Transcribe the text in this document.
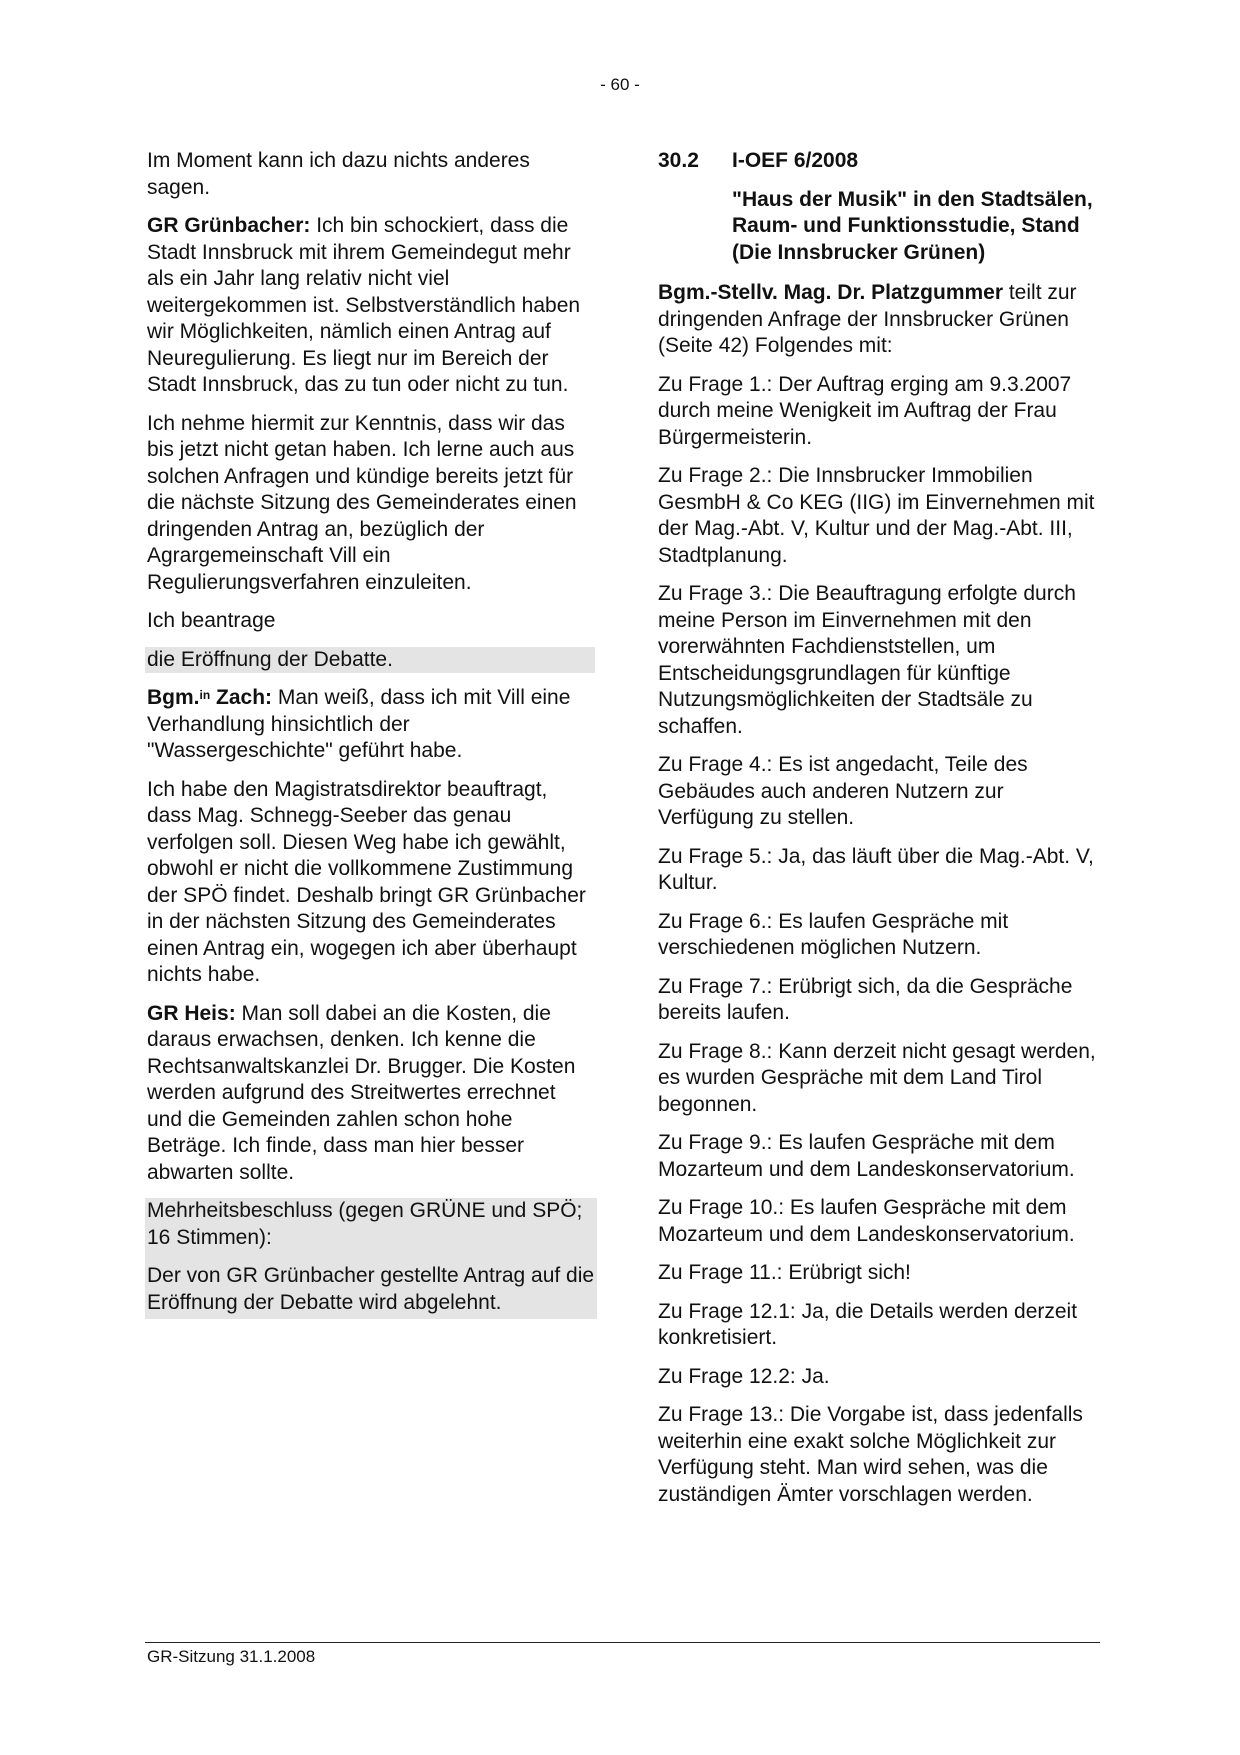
- 60 -

Im Moment kann ich dazu nichts anderes sagen.

GR Grünbacher: Ich bin schockiert, dass die Stadt Innsbruck mit ihrem Gemeindegut mehr als ein Jahr lang relativ nicht viel weitergekommen ist. Selbstverständlich haben wir Möglichkeiten, nämlich einen Antrag auf Neuregulierung. Es liegt nur im Bereich der Stadt Innsbruck, das zu tun oder nicht zu tun.

Ich nehme hiermit zur Kenntnis, dass wir das bis jetzt nicht getan haben. Ich lerne auch aus solchen Anfragen und kündige bereits jetzt für die nächste Sitzung des Gemeinderates einen dringenden Antrag an, bezüglich der Agrargemeinschaft Vill ein Regulierungsverfahren einzuleiten.

Ich beantrage

die Eröffnung der Debatte.

Bgm.$^{in}$ Zach: Man weiß, dass ich mit Vill eine Verhandlung hinsichtlich der "Wassergeschichte" geführt habe.

Ich habe den Magistratsdirektor beauftragt, dass Mag. Schnegg-Seeber das genau verfolgen soll. Diesen Weg habe ich gewählt, obwohl er nicht die vollkommene Zustimmung der SPÖ findet. Deshalb bringt GR Grünbacher in der nächsten Sitzung des Gemeinderates einen Antrag ein, wogegen ich aber überhaupt nichts habe.

GR Heis: Man soll dabei an die Kosten, die daraus erwachsen, denken. Ich kenne die Rechtsanwaltskanzlei Dr. Brugger. Die Kosten werden aufgrund des Streitwertes errechnet und die Gemeinden zahlen schon hohe Beträge. Ich finde, dass man hier besser abwarten sollte.

Mehrheitsbeschluss (gegen GRÜNE und SPÖ; 16 Stimmen):

Der von GR Grünbacher gestellte Antrag auf die Eröffnung der Debatte wird abgelehnt.

30.2 I-OEF 6/2008

"Haus der Musik" in den Stadtsälen, Raum- und Funktionsstudie, Stand (Die Innsbrucker Grünen)

Bgm.-Stellv. Mag. Dr. Platzgummer teilt zur dringenden Anfrage der Innsbrucker Grünen (Seite 42) Folgendes mit:

Zu Frage 1.: Der Auftrag erging am 9.3.2007 durch meine Wenigkeit im Auftrag der Frau Bürgermeisterin.

Zu Frage 2.: Die Innsbrucker Immobilien GesmbH & Co KEG (IIG) im Einvernehmen mit der Mag.-Abt. V, Kultur und der Mag.-Abt. III, Stadtplanung.

Zu Frage 3.: Die Beauftragung erfolgte durch meine Person im Einvernehmen mit den vorerwähnten Fachdienststellen, um Entscheidungsgrundlagen für künftige Nutzungsmöglichkeiten der Stadtsäle zu schaffen.

Zu Frage 4.: Es ist angedacht, Teile des Gebäudes auch anderen Nutzern zur Verfügung zu stellen.

Zu Frage 5.: Ja, das läuft über die Mag.-Abt. V, Kultur.

Zu Frage 6.: Es laufen Gespräche mit verschiedenen möglichen Nutzern.

Zu Frage 7.: Erübrigt sich, da die Gespräche bereits laufen.

Zu Frage 8.: Kann derzeit nicht gesagt werden, es wurden Gespräche mit dem Land Tirol begonnen.

Zu Frage 9.: Es laufen Gespräche mit dem Mozarteum und dem Landeskonservatorium.

Zu Frage 10.: Es laufen Gespräche mit dem Mozarteum und dem Landeskonservatorium.

Zu Frage 11.: Erübrigt sich!

Zu Frage 12.1: Ja, die Details werden derzeit konkretisiert.

Zu Frage 12.2: Ja.

Zu Frage 13.: Die Vorgabe ist, dass jedenfalls weiterhin eine exakt solche Möglichkeit zur Verfügung steht. Man wird sehen, was die zuständigen Ämter vorschlagen werden.

GR-Sitzung 31.1.2008
